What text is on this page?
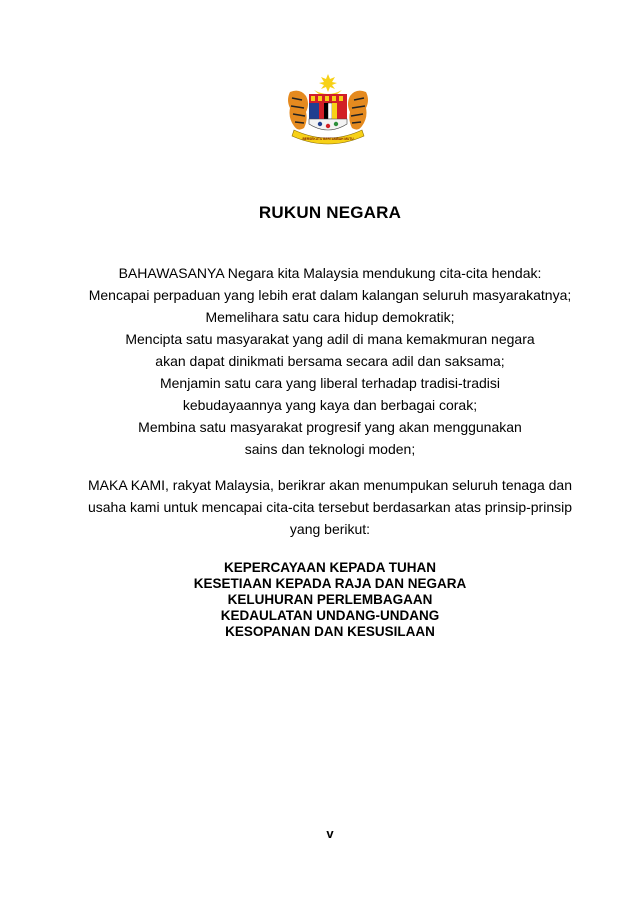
BERSEKUTU BERTAMBAH MUTU
RUKUN NEGARA
BAHAWASANYA Negara kita Malaysia mendukung cita-cita hendak:
Mencapai perpaduan yang lebih erat dalam kalangan seluruh masyarakatnya;
Memelihara satu cara hidup demokratik;
Mencipta satu masyarakat yang adil di mana kemakmuran negara
akan dapat dinikmati bersama secara adil dan saksama;
Menjamin satu cara yang liberal terhadap tradisi-tradisi
kebudayaannya yang kaya dan berbagai corak;
Membina satu masyarakat progresif yang akan menggunakan
sains dan teknologi moden;
MAKA KAMI, rakyat Malaysia, berikrar akan menumpukan seluruh tenaga dan
usaha kami untuk mencapai cita-cita tersebut berdasarkan atas prinsip-prinsip
yang berikut:
KEPERCAYAAN KEPADA TUHAN
KESETIAAN KEPADA RAJA DAN NEGARA
KELUHURAN PERLEMBAGAAN
KEDAULATAN UNDANG-UNDANG
KESOPANAN DAN KESUSILAAN
v
